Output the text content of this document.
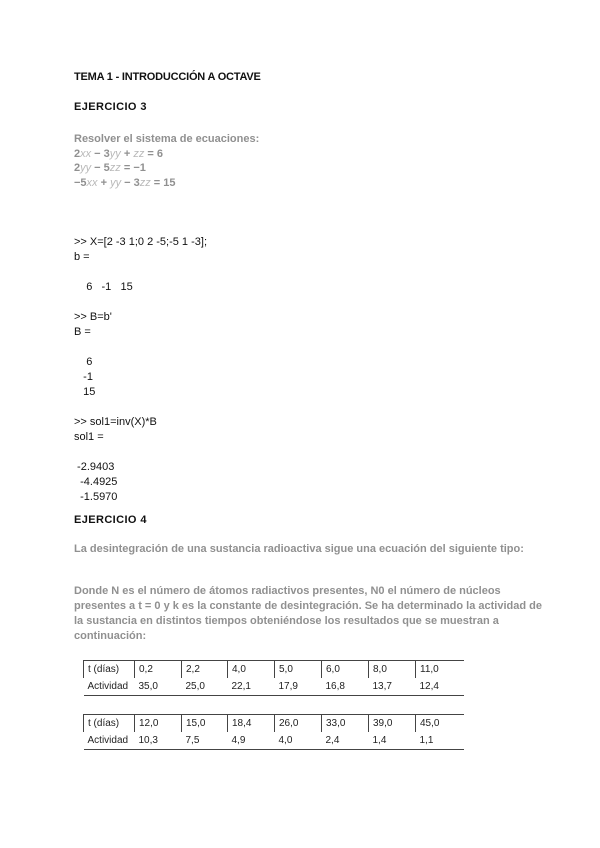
TEMA 1 - INTRODUCCIÓN A OCTAVE
EJERCICIO 3
Resolver el sistema de ecuaciones:
2xx − 3yy + zz = 6
2yy − 5zz = −1
−5xx + yy − 3zz = 15

>> X=[2 -3 1;0 2 -5;-5 1 -3];
b =

6   -1   15

>> B=b'
B =

6
-1
15

>> sol1=inv(X)*B
sol1 =

-2.9403
-4.4925
-1.5970

EJERCICIO 4
La desintegración de una sustancia radioactiva sigue una ecuación del siguiente tipo:
Donde N es el número de átomos radiactivos presentes, N0 el número de núcleos presentes a t = 0 y k es la constante de desintegración. Se ha determinado la actividad de la sustancia en distintos tiempos obteniéndose los resultados que se muestran a continuación:
t (días)	0,2	2,2	4,0	5,0	6,0	8,0	11,0
Actividad	35,0	25,0	22,1	17,9	16,8	13,7	12,4
t (días)	12,0	15,0	18,4	26,0	33,0	39,0	45,0
Actividad	10,3	7,5	4,9	4,0	2,4	1,4	1,1
